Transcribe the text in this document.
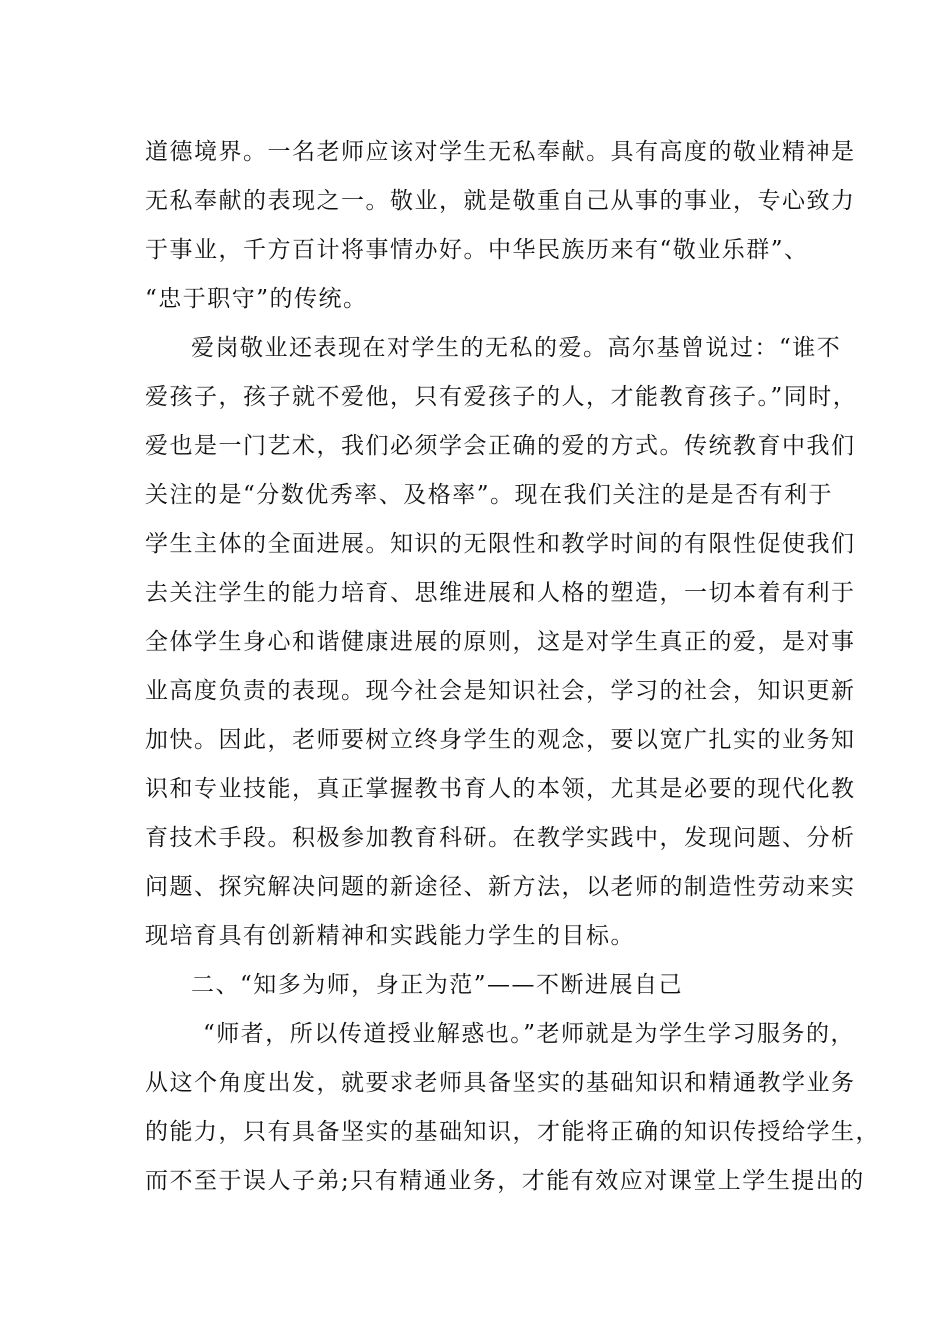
道德境界。一名老师应该对学生无私奉献。具有高度的敬业精神是
无私奉献的表现之一。敬业，就是敬重自己从事的事业，专心致力
于事业，千方百计将事情办好。中华民族历来有“敬业乐群”、
“忠于职守”的传统。
爱岗敬业还表现在对学生的无私的爱。高尔基曾说过：“谁不
爱孩子，孩子就不爱他，只有爱孩子的人，才能教育孩子。”同时，
爱也是一门艺术，我们必须学会正确的爱的方式。传统教育中我们
关注的是“分数优秀率、及格率”。现在我们关注的是是否有利于
学生主体的全面进展。知识的无限性和教学时间的有限性促使我们
去关注学生的能力培育、思维进展和人格的塑造，一切本着有利于
全体学生身心和谐健康进展的原则，这是对学生真正的爱，是对事
业高度负责的表现。现今社会是知识社会，学习的社会，知识更新
加快。因此，老师要树立终身学生的观念，要以宽广扎实的业务知
识和专业技能，真正掌握教书育人的本领，尤其是必要的现代化教
育技术手段。积极参加教育科研。在教学实践中，发现问题、分析
问题、探究解决问题的新途径、新方法，以老师的制造性劳动来实
现培育具有创新精神和实践能力学生的目标。
二、“知多为师，身正为范”——不断进展自己
“师者，所以传道授业解惑也。”老师就是为学生学习服务的，
从这个角度出发，就要求老师具备坚实的基础知识和精通教学业务
的能力，只有具备坚实的基础知识，才能将正确的知识传授给学生，
而不至于误人子弟;只有精通业务，才能有效应对课堂上学生提出的
